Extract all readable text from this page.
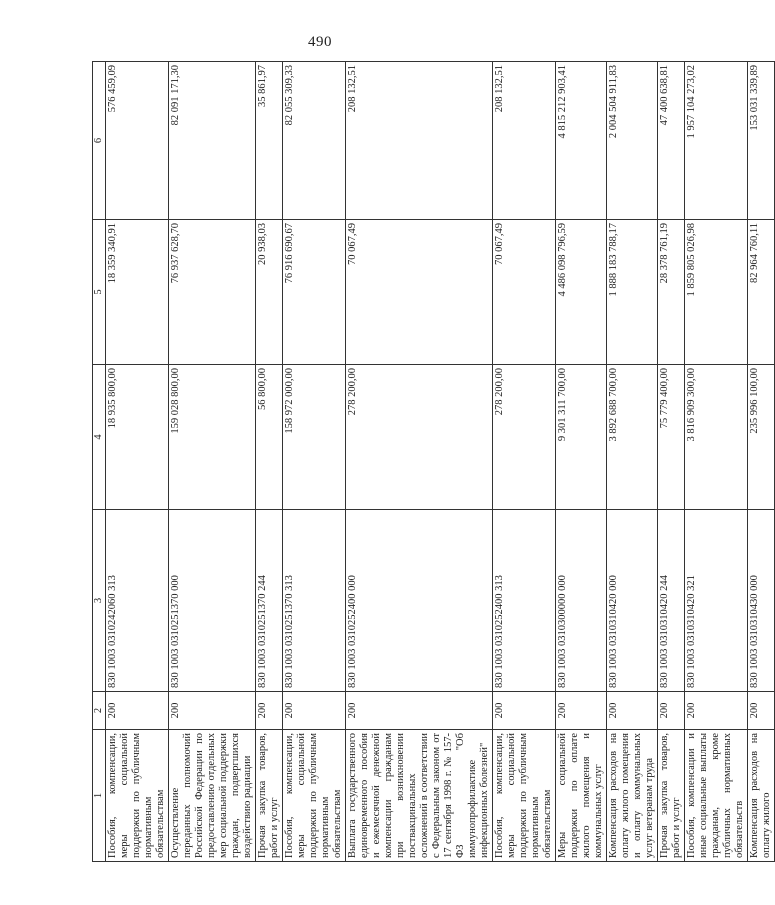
490
1	2	3	4	5	6
Пособия, компенсации, меры социальной поддержки по публичным нормативным обязательствам	200	830 1003 0310242060 313	18 935 800,00	18 359 340,91	576 459,09
Осуществление переданных полномочий Российской Федерации по предоставлению отдельных мер социальной поддержки граждан, подвергшихся воздействию радиации	200	830 1003 0310251370 000	159 028 800,00	76 937 628,70	82 091 171,30
Прочая закупка товаров, работ и услуг	200	830 1003 0310251370 244	56 800,00	20 938,03	35 861,97
Пособия, компенсации, меры социальной поддержки по публичным нормативным обязательствам	200	830 1003 0310251370 313	158 972 000,00	76 916 690,67	82 055 309,33
Выплата государственного единовременного пособия и ежемесячной денежной компенсации гражданам при возникновении поствакцинальных осложнений в соответствии с Федеральным законом от 17 сентября 1998 г. № 157-ФЗ "Об иммунопрофилактике инфекционных болезней"	200	830 1003 0310252400 000	278 200,00	70 067,49	208 132,51
Пособия, компенсации, меры социальной поддержки по публичным нормативным обязательствам	200	830 1003 0310252400 313	278 200,00	70 067,49	208 132,51
Меры социальной поддержки по оплате жилого помещения и коммунальных услуг	200	830 1003 0310300000 000	9 301 311 700,00	4 486 098 796,59	4 815 212 903,41
Компенсация расходов на оплату жилого помещения и оплату коммунальных услуг ветеранам труда	200	830 1003 0310310420 000	3 892 688 700,00	1 888 183 788,17	2 004 504 911,83
Прочая закупка товаров, работ и услуг	200	830 1003 0310310420 244	75 779 400,00	28 378 761,19	47 400 638,81
Пособия, компенсации и иные социальные выплаты гражданам, кроме публичных нормативных обязательств	200	830 1003 0310310420 321	3 816 909 300,00	1 859 805 026,98	1 957 104 273,02
Компенсация расходов на оплату жилого	200	830 1003 0310310430 000	235 996 100,00	82 964 760,11	153 031 339,89
